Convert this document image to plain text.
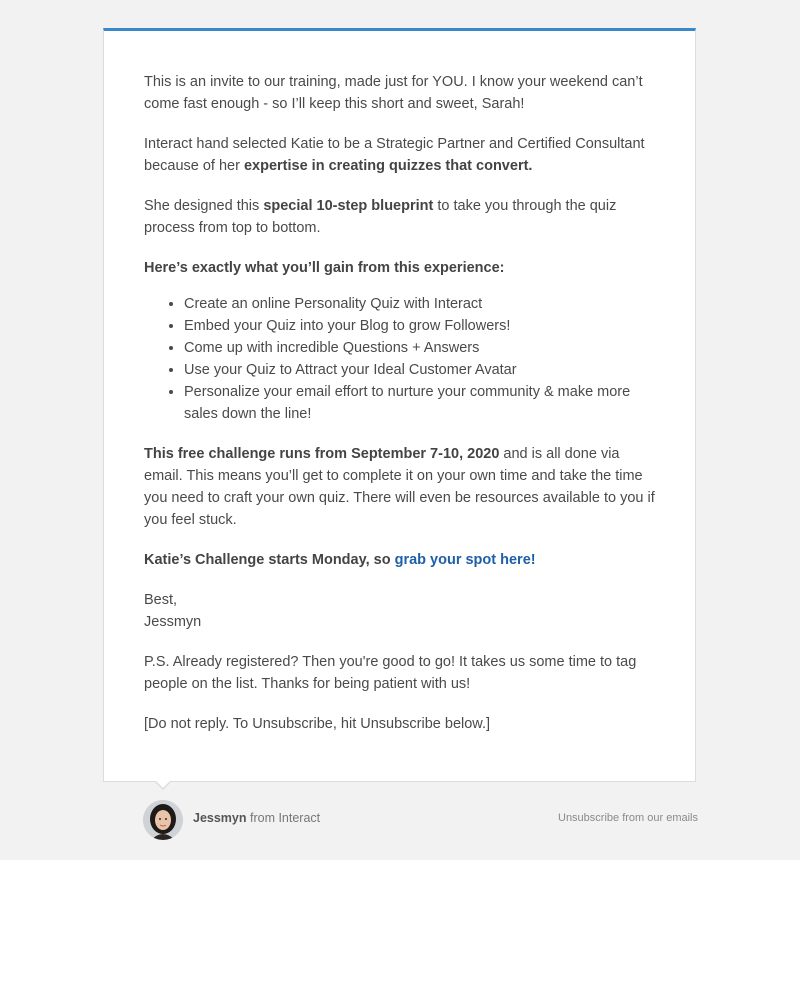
This is an invite to our training, made just for YOU. I know your weekend can’t come fast enough - so I’ll keep this short and sweet, Sarah!

Interact hand selected Katie to be a Strategic Partner and Certified Consultant because of her expertise in creating quizzes that convert.

She designed this special 10-step blueprint to take you through the quiz process from top to bottom.

Here’s exactly what you’ll gain from this experience:

• Create an online Personality Quiz with Interact
• Embed your Quiz into your Blog to grow Followers!
• Come up with incredible Questions + Answers
• Use your Quiz to Attract your Ideal Customer Avatar
• Personalize your email effort to nurture your community & make more sales down the line!

This free challenge runs from September 7-10, 2020 and is all done via email. This means you’ll get to complete it on your own time and take the time you need to craft your own quiz. There will even be resources available to you if you feel stuck.

Katie’s Challenge starts Monday, so grab your spot here!

Best,
Jessmyn

P.S. Already registered? Then you're good to go! It takes us some time to tag people on the list. Thanks for being patient with us!

[Do not reply. To Unsubscribe, hit Unsubscribe below.]

Jessmyn from Interact	Unsubscribe from our emails
